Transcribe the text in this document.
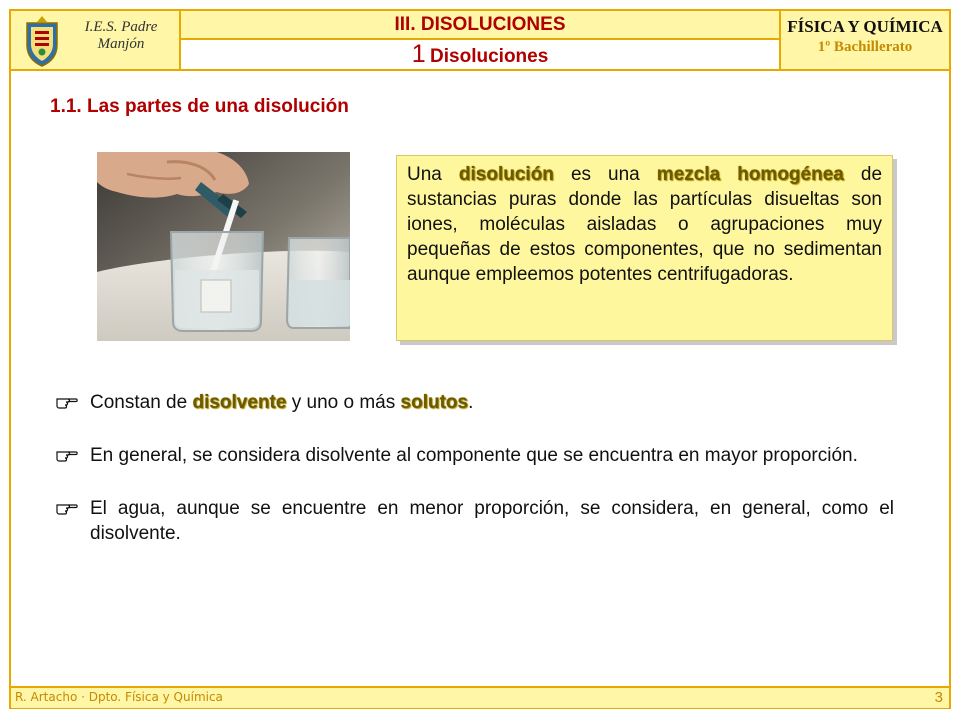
I.E.S. Padre Manjón
III. DISOLUCIONES
1 Disoluciones
FÍSICA Y QUÍMICA
1º Bachillerato
1.1. Las partes de una disolución
Una disolución es una mezcla homogénea de sustancias puras donde las partículas disueltas son iones, moléculas aisladas o agrupaciones muy pequeñas de estos componentes, que no sedimentan aunque empleemos potentes centrifugadoras.
Constan de disolvente y uno o más solutos.
En general, se considera disolvente al componente que se encuentra en mayor proporción.
El agua, aunque se encuentre en menor proporción, se considera, en general, como el disolvente.
R. Artacho · Dpto. Física y Química	3
